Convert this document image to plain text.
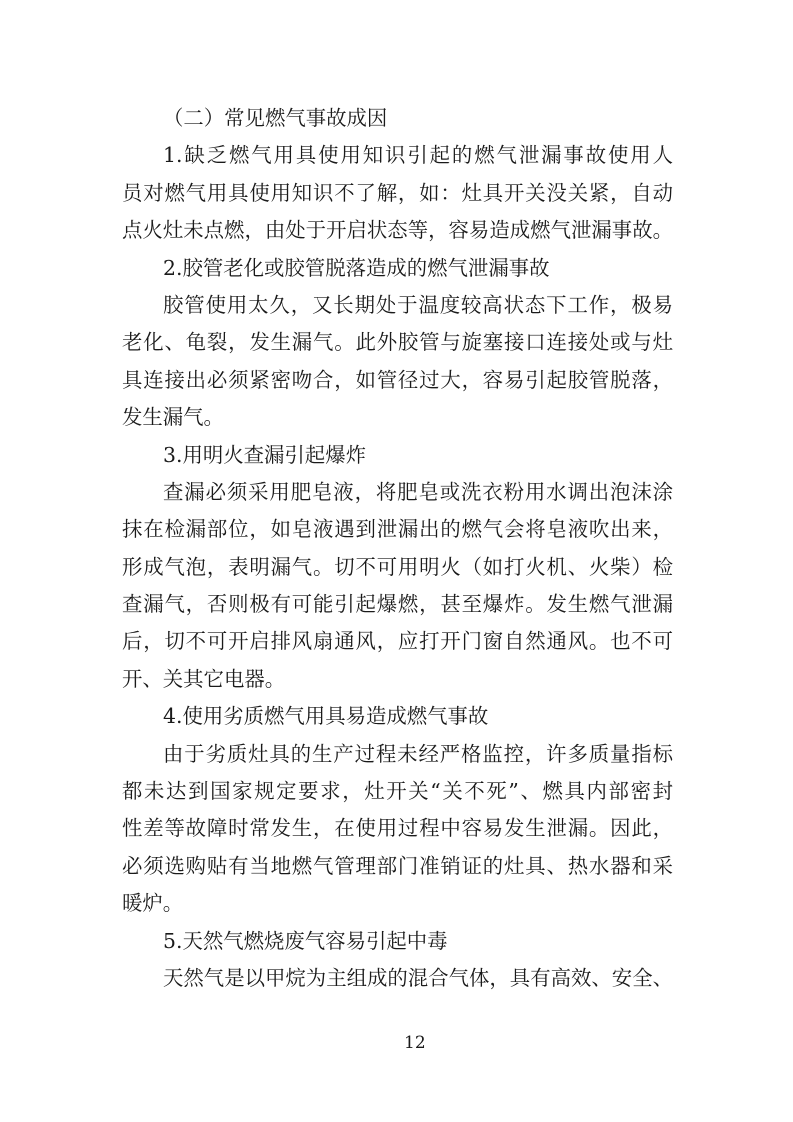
（二）常见燃气事故成因
1.缺乏燃气用具使用知识引起的燃气泄漏事故使用人
员对燃气用具使用知识不了解，如：灶具开关没关紧，自动
点火灶未点燃，由处于开启状态等，容易造成燃气泄漏事故。
2.胶管老化或胶管脱落造成的燃气泄漏事故
胶管使用太久，又长期处于温度较高状态下工作，极易
老化、龟裂，发生漏气。此外胶管与旋塞接口连接处或与灶
具连接出必须紧密吻合，如管径过大，容易引起胶管脱落，
发生漏气。
3.用明火查漏引起爆炸
查漏必须采用肥皂液，将肥皂或洗衣粉用水调出泡沫涂
抹在检漏部位，如皂液遇到泄漏出的燃气会将皂液吹出来，
形成气泡，表明漏气。切不可用明火（如打火机、火柴）检
查漏气，否则极有可能引起爆燃，甚至爆炸。发生燃气泄漏
后，切不可开启排风扇通风，应打开门窗自然通风。也不可
开、关其它电器。
4.使用劣质燃气用具易造成燃气事故
由于劣质灶具的生产过程未经严格监控，许多质量指标
都未达到国家规定要求，灶开关“关不死”、燃具内部密封
性差等故障时常发生，在使用过程中容易发生泄漏。因此，
必须选购贴有当地燃气管理部门准销证的灶具、热水器和采
暖炉。
5.天然气燃烧废气容易引起中毒
天然气是以甲烷为主组成的混合气体，具有高效、安全、
12
